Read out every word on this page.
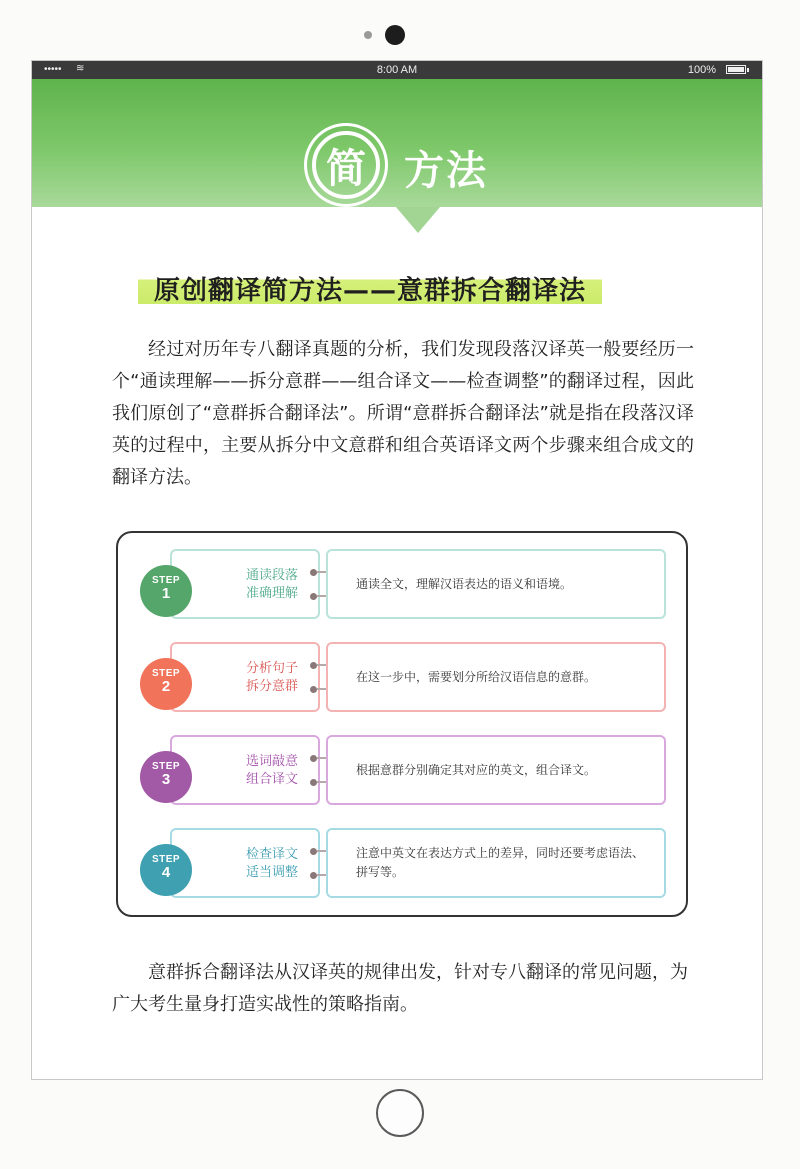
••••• ≋	8:00 AM	100%
简 方法
原创翻译简方法——意群拆合翻译法

经过对历年专八翻译真题的分析，我们发现段落汉译英一般要经历一个“通读理解——拆分意群——组合译文——检查调整”的翻译过程，因此我们原创了“意群拆合翻译法”。所谓“意群拆合翻译法”就是指在段落汉译英的过程中，主要从拆分中文意群和组合英语译文两个步骤来组合成文的翻译方法。

通读段落
准确理解
STEP
1
通读全文，理解汉语表达的语义和语境。
分析句子
拆分意群
STEP
2
在这一步中，需要划分所给汉语信息的意群。
选词敲意
组合译文
STEP
3
根据意群分别确定其对应的英文，组合译文。
检查译文
适当调整
STEP
4
注意中英文在表达方式上的差异，同时还要考虑语法、拼写等。

意群拆合翻译法从汉译英的规律出发，针对专八翻译的常见问题，为广大考生量身打造实战性的策略指南。
